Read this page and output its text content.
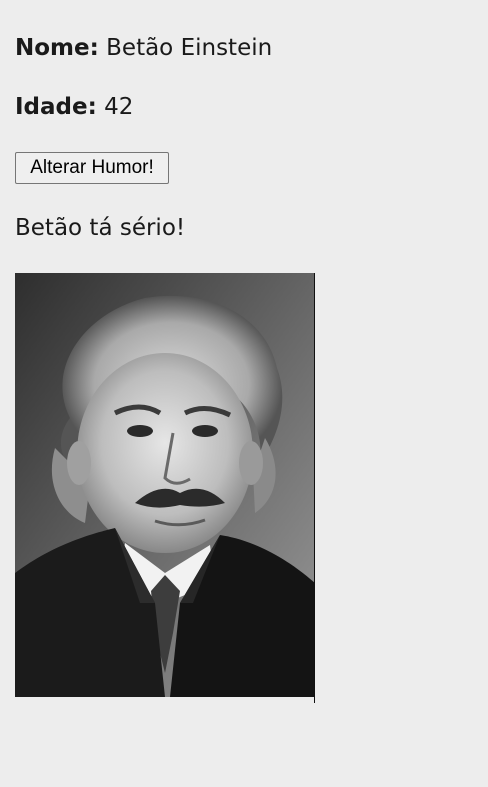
Nome: Betão Einstein
Idade: 42
Alterar Humor!
Betão tá sério!
